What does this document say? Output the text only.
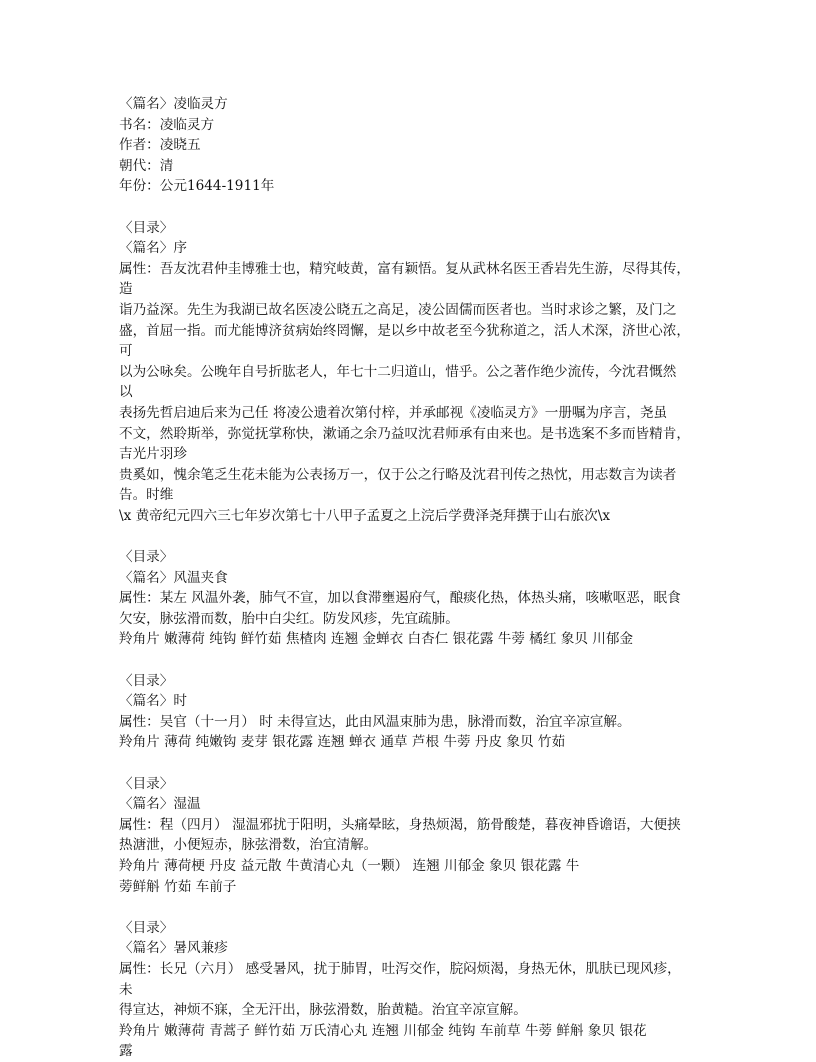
〈篇名〉凌临灵方
书名：凌临灵方
作者：凌晓五
朝代：清
年份：公元1644-1911年
〈目录〉
〈篇名〉序
属性：吾友沈君仲圭博雅士也，精究岐黄，富有颖悟。复从武林名医王香岩先生游，尽得其传，
造
诣乃益深。先生为我湖已故名医凌公晓五之高足，凌公固儒而医者也。当时求诊之繁，及门之
盛，首屈一指。而尤能博济贫病始终罔懈，是以乡中故老至今犹称道之，活人术深，济世心浓，
可
以为公咏矣。公晚年自号折肱老人，年七十二归道山，惜乎。公之著作绝少流传，今沈君慨然
以
表扬先哲启迪后来为己任 将凌公遗着次第付梓，并承邮视《凌临灵方》一册嘱为序言，尧虽
不文，然聆斯举，弥觉抚掌称快，漱诵之余乃益叹沈君师承有由来也。是书选案不多而皆精肯，
吉光片羽珍
贵奚如，愧余笔乏生花未能为公表扬万一，仅于公之行略及沈君刊传之热忱，用志数言为读者
告。时维
\x 黄帝纪元四六三七年岁次第七十八甲子孟夏之上浣后学费泽尧拜撰于山右旅次\x
〈目录〉
〈篇名〉风温夹食
属性：某左 风温外袭，肺气不宣，加以食滞壅遏府气，酿痰化热，体热头痛，咳嗽呕恶，眠食
欠安，脉弦滑而数，胎中白尖红。防发风疹，先宜疏肺。
羚角片 嫩薄荷 纯钩 鲜竹茹 焦楂肉 连翘 金蝉衣 白杏仁 银花露 牛蒡 橘红 象贝 川郁金
〈目录〉
〈篇名〉时
属性：吴官（十一月） 时 未得宣达，此由风温束肺为患，脉滑而数，治宜辛凉宣解。
羚角片 薄荷 纯嫩钩 麦芽 银花露 连翘 蝉衣 通草 芦根 牛蒡 丹皮 象贝 竹茹
〈目录〉
〈篇名〉湿温
属性：程（四月） 湿温邪扰于阳明，头痛晕眩，身热烦渴，筋骨酸楚，暮夜神昏谵语，大便挟
热溏泄，小便短赤，脉弦滑数，治宜清解。
羚角片 薄荷梗 丹皮 益元散 牛黄清心丸（一颗） 连翘 川郁金 象贝 银花露 牛
蒡鲜斛 竹茹 车前子
〈目录〉
〈篇名〉暑风兼疹
属性：长兄（六月） 感受暑风，扰于肺胃，吐泻交作，脘闷烦渴，身热无休，肌肤已现风疹，
未
得宣达，神烦不寐，全无汗出，脉弦滑数，胎黄糙。治宜辛凉宣解。
羚角片 嫩薄荷 青蒿子 鲜竹茹 万氏清心丸 连翘 川郁金 纯钩 车前草 牛蒡 鲜斛 象贝 银花
露
